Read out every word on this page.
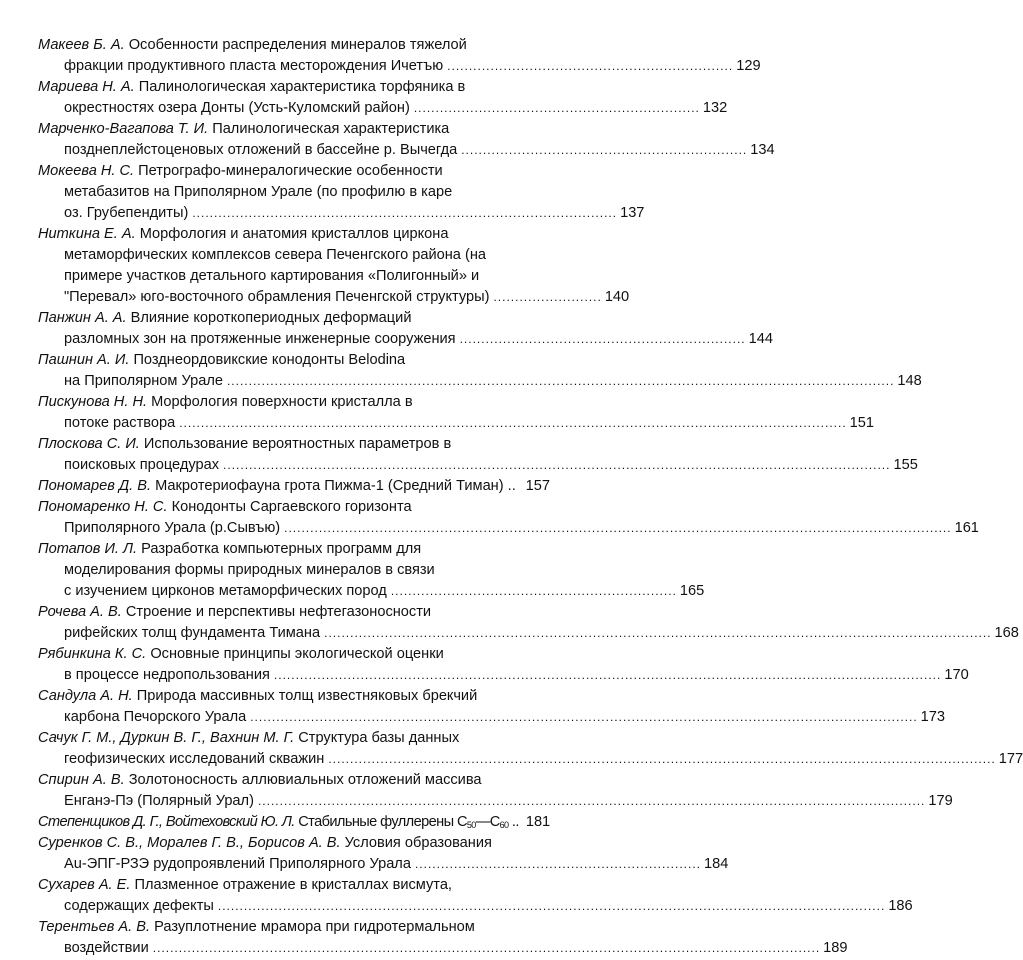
Макеев Б. А. Особенности распределения минералов тяжелой
фракции продуктивного пласта месторождения Ичетъю .................................................................. 129
Мариева Н. А. Палинологическая характеристика торфяника в
окрестностях озера Донты (Усть-Куломский район) .................................................................. 132
Марченко-Вагапова Т. И. Палинологическая характеристика
позднеплейстоценовых отложений в бассейне р. Вычегда .................................................................. 134
Мокеева Н. С. Петрографо-минералогические особенности
метабазитов на Приполярном Урале (по профилю в каре
оз. Грубепендиты) .................................................................................................. 137
Ниткина Е. А. Морфология и анатомия кристаллов циркона
метаморфических комплексов севера Печенгского района (на
примере участков детального картирования «Полигонный» и
"Перевал» юго-восточного обрамления Печенгской структуры) ......................... 140
Панжин А. А. Влияние короткопериодных деформаций
разломных зон на протяженные инженерные сооружения .................................................................. 144
Пашнин А. И. Позднеордовикские конодонты Belodina
на Приполярном Урале .......................................................................................................................................................... 148
Пискунова Н. Н. Морфология поверхности кристалла в
потоке раствора .......................................................................................................................................................... 151
Плоскова С. И. Использование вероятностных параметров в
поисковых процедурах .......................................................................................................................................................... 155
Пономарев Д. В. Макротериофауна грота Пижма-1 (Средний Тиман) .. 157
Пономаренко Н. С. Конодонты Саргаевского горизонта
Приполярного Урала (р.Сывъю) .......................................................................................................................................................... 161
Потапов И. Л. Разработка компьютерных программ для
моделирования формы природных минералов в связи
с изучением цирконов метаморфических пород .................................................................. 165
Рочева А. В. Строение и перспективы нефтегазоносности
рифейских толщ фундамента Тимана .......................................................................................................................................................... 168
Рябинкина К. С. Основные принципы экологической оценки
в процессе недропользования .......................................................................................................................................................... 170
Сандула А. Н. Природа массивных толщ известняковых брекчий
карбона Печорского Урала .......................................................................................................................................................... 173
Сачук Г. М., Дуркин В. Г., Вахнин М. Г. Структура базы данных
геофизических исследований скважин .......................................................................................................................................................... 177
Спирин А. В. Золотоносность аллювиальных отложений массива
Енганэ-Пэ (Полярный Урал) .......................................................................................................................................................... 179
Степенщиков Д. Г., Войтеховский Ю. Л. Стабильные фуллерены $C_{50}—C_{60}$ .. 181
Суренков С. В., Моралев Г. В., Борисов А. В. Условия образования
Au-ЭПГ-РЗЭ рудопроявлений Приполярного Урала .................................................................. 184
Сухарев А. Е. Плазменное отражение в кристаллах висмута,
содержащих дефекты .......................................................................................................................................................... 186
Терентьев А. В. Разуплотнение мрамора при гидротермальном
воздействии .......................................................................................................................................................... 189
